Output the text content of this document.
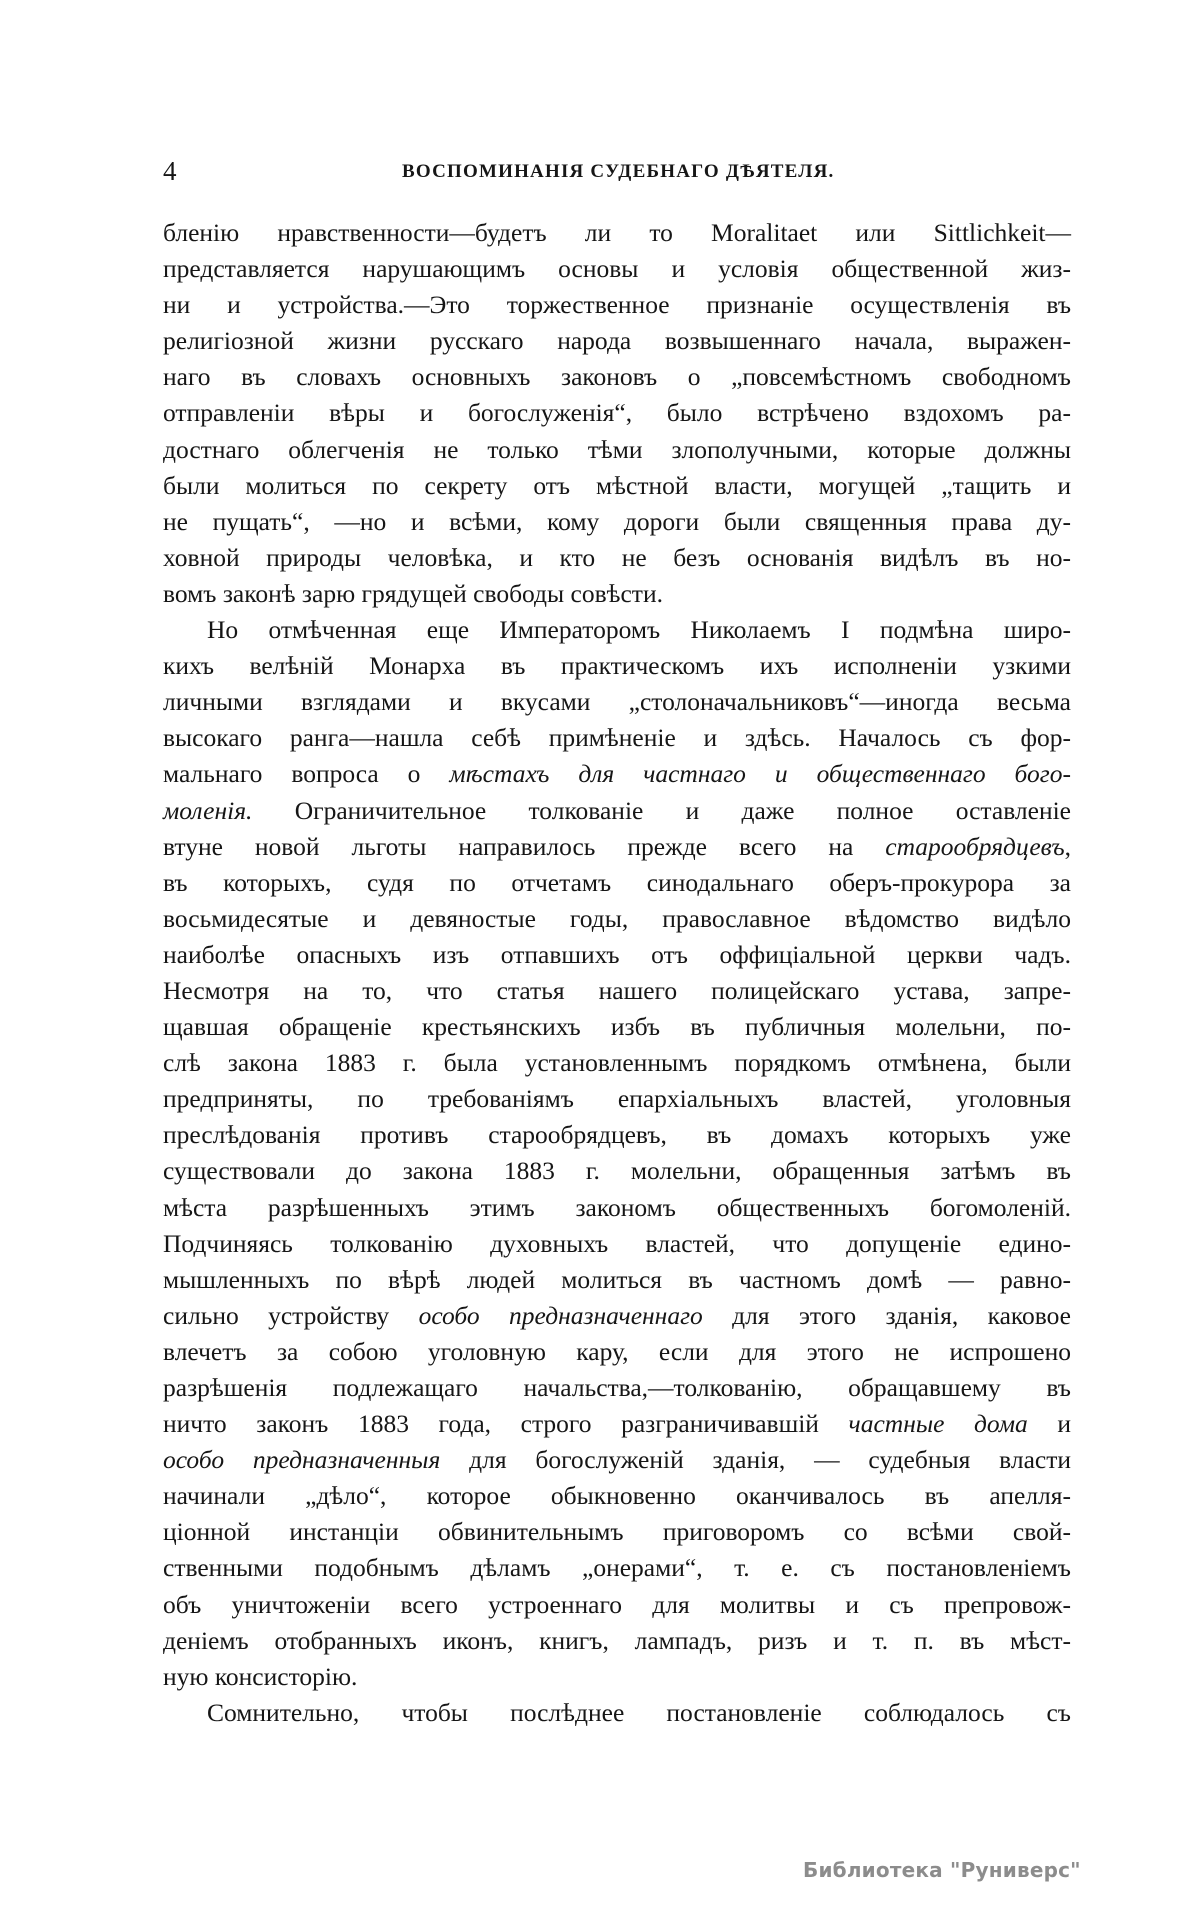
4	ВОСПОМИНАНІЯ СУДЕБНАГО ДѢЯТЕЛЯ.
бленію нравственности—будетъ ли то Moralitaet или Sittlichkeit—
представляется нарушающимъ основы и условія общественной жиз-
ни и устройства.—Это торжественное признаніе осуществленія въ
религіозной жизни русскаго народа возвышеннаго начала, выражен-
наго въ словахъ основныхъ законовъ о „повсемѣстномъ свободномъ
отправленіи вѣры и богослуженія“, было встрѣчено вздохомъ ра-
достнаго облегченія не только тѣми злополучными, которые должны
были молиться по секрету отъ мѣстной власти, могущей „тащить и
не пущать“, —но и всѣми, кому дороги были священныя права ду-
ховной природы человѣка, и кто не безъ основанія видѣлъ въ но-
вомъ законѣ зарю грядущей свободы совѣсти.
Но отмѣченная еще Императоромъ Николаемъ I подмѣна широ-
кихъ велѣній Монарха въ практическомъ ихъ исполненіи узкими
личными взглядами и вкусами „столоначальниковъ“—иногда весьма
высокаго ранга—нашла себѣ примѣненіе и здѣсь. Началось съ фор-
мальнаго вопроса о мѣстахъ для частнаго и общественнаго бого-
моленія. Ограничительное толкованіе и даже полное оставленіе
втуне новой льготы направилось прежде всего на старообрядцевъ,
въ которыхъ, судя по отчетамъ синодальнаго оберъ-прокурора за
восьмидесятые и девяностые годы, православное вѣдомство видѣло
наиболѣе опасныхъ изъ отпавшихъ отъ оффиціальной церкви чадъ.
Несмотря на то, что статья нашего полицейскаго устава, запре-
щавшая обращеніе крестьянскихъ избъ въ публичныя молельни, по-
слѣ закона 1883 г. была установленнымъ порядкомъ отмѣнена, были
предприняты, по требованіямъ епархіальныхъ властей, уголовныя
преслѣдованія противъ старообрядцевъ, въ домахъ которыхъ уже
существовали до закона 1883 г. молельни, обращенныя затѣмъ въ
мѣста разрѣшенныхъ этимъ закономъ общественныхъ богомоленій.
Подчиняясь толкованію духовныхъ властей, что допущеніе едино-
мышленныхъ по вѣрѣ людей молиться въ частномъ домѣ — равно-
сильно устройству особо предназначеннаго для этого зданія, каковое
влечетъ за собою уголовную кару, если для этого не испрошено
разрѣшенія подлежащаго начальства,—толкованію, обращавшему въ
ничто законъ 1883 года, строго разграничивавшій частные дома и
особо предназначенныя для богослуженій зданія, — судебныя власти
начинали „дѣло“, которое обыкновенно оканчивалось въ апелля-
ціонной инстанціи обвинительнымъ приговоромъ со всѣми свой-
ственными подобнымъ дѣламъ „онерами“, т. е. съ постановленіемъ
объ уничтоженіи всего устроеннаго для молитвы и съ препровож-
деніемъ отобранныхъ иконъ, книгъ, лампадъ, ризъ и т. п. въ мѣст-
ную консисторію.
Сомнительно, чтобы послѣднее постановленіе соблюдалось съ
Библиотека "Руниверс"
